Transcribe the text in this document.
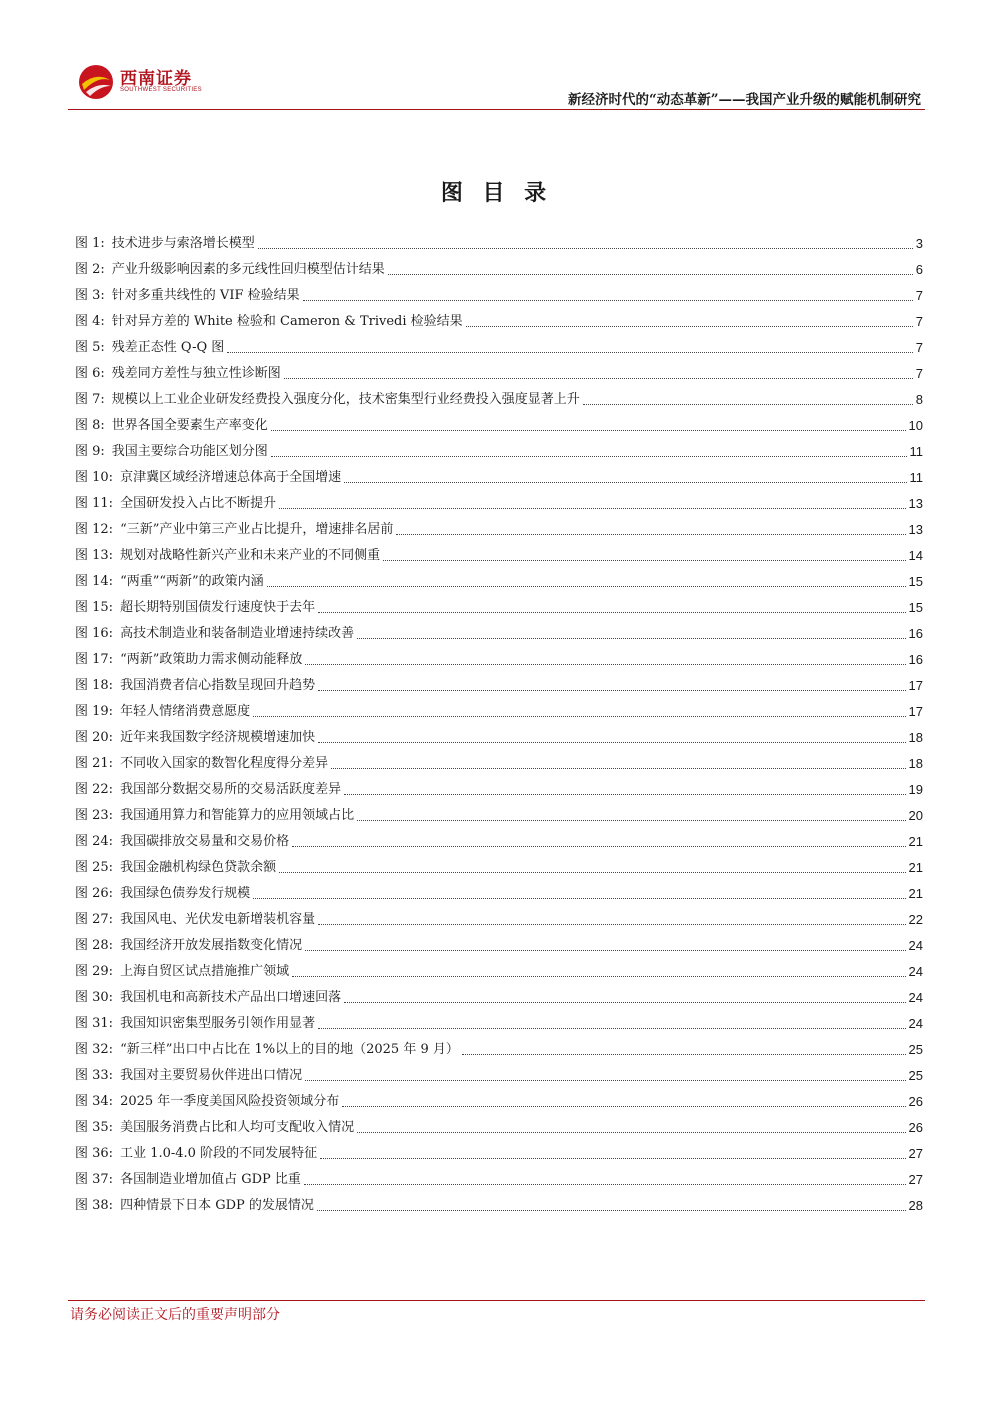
西南证券
SOUTHWEST SECURITIES
新经济时代的“动态革新”——我国产业升级的赋能机制研究
图 目 录
图 1: 技术进步与索洛增长模型	3
图 2: 产业升级影响因素的多元线性回归模型估计结果	6
图 3: 针对多重共线性的 VIF 检验结果	7
图 4: 针对异方差的 White 检验和 Cameron & Trivedi 检验结果	7
图 5: 残差正态性 Q-Q 图	7
图 6: 残差同方差性与独立性诊断图	7
图 7: 规模以上工业企业研发经费投入强度分化，技术密集型行业经费投入强度显著上升	8
图 8: 世界各国全要素生产率变化	10
图 9: 我国主要综合功能区划分图	11
图 10: 京津冀区域经济增速总体高于全国增速	11
图 11: 全国研发投入占比不断提升	13
图 12: “三新”产业中第三产业占比提升，增速排名居前	13
图 13: 规划对战略性新兴产业和未来产业的不同侧重	14
图 14: “两重”“两新”的政策内涵	15
图 15: 超长期特别国债发行速度快于去年	15
图 16: 高技术制造业和装备制造业增速持续改善	16
图 17: “两新”政策助力需求侧动能释放	16
图 18: 我国消费者信心指数呈现回升趋势	17
图 19: 年轻人情绪消费意愿度	17
图 20: 近年来我国数字经济规模增速加快	18
图 21: 不同收入国家的数智化程度得分差异	18
图 22: 我国部分数据交易所的交易活跃度差异	19
图 23: 我国通用算力和智能算力的应用领域占比	20
图 24: 我国碳排放交易量和交易价格	21
图 25: 我国金融机构绿色贷款余额	21
图 26: 我国绿色债券发行规模	21
图 27: 我国风电、光伏发电新增装机容量	22
图 28: 我国经济开放发展指数变化情况	24
图 29: 上海自贸区试点措施推广领域	24
图 30: 我国机电和高新技术产品出口增速回落	24
图 31: 我国知识密集型服务引领作用显著	24
图 32: “新三样”出口中占比在 1%以上的目的地（2025 年 9 月）	25
图 33: 我国对主要贸易伙伴进出口情况	25
图 34: 2025 年一季度美国风险投资领域分布	26
图 35: 美国服务消费占比和人均可支配收入情况	26
图 36: 工业 1.0-4.0 阶段的不同发展特征	27
图 37: 各国制造业增加值占 GDP 比重	27
图 38: 四种情景下日本 GDP 的发展情况	28
请务必阅读正文后的重要声明部分
